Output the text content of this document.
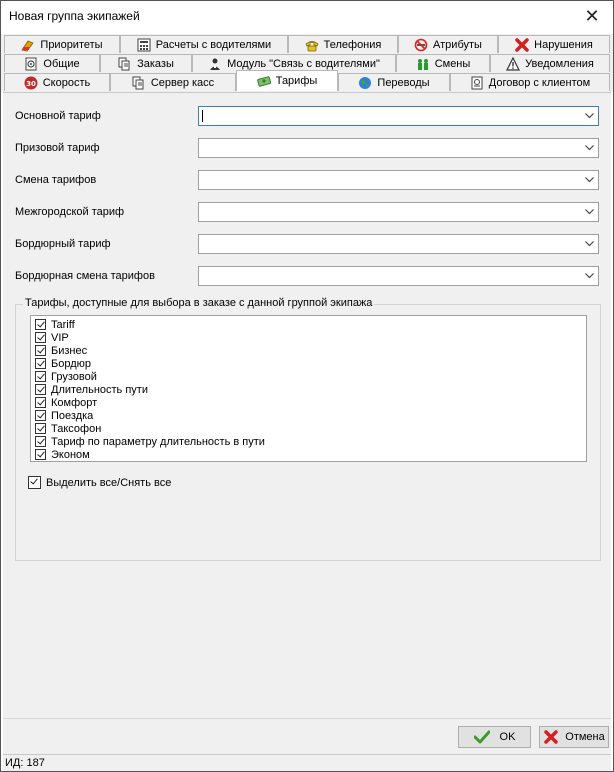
Новая группа экипажей	✕
Приоритеты	Расчеты с водителями	Телефония	Атрибуты	Нарушения
Общие	Заказы	Модуль "Связь с водителями"	Смены	Уведомления
30 Скорость	Сервер касс	Тарифы	Переводы	Договор с клиентом
Основной тариф
Призовой тариф
Смена тарифов
Межгородской тариф
Бордюрный тариф
Бордюрная смена тарифов
Тарифы, доступные для выбора в заказе с данной группой экипажа
Tariff
VIP
Бизнес
Бордюр
Грузовой
Длительность пути
Комфорт
Поездка
Таксофон
Тариф по параметру длительность в пути
Эконом
Выделить все/Снять все
OK	Отмена
ИД: 187
